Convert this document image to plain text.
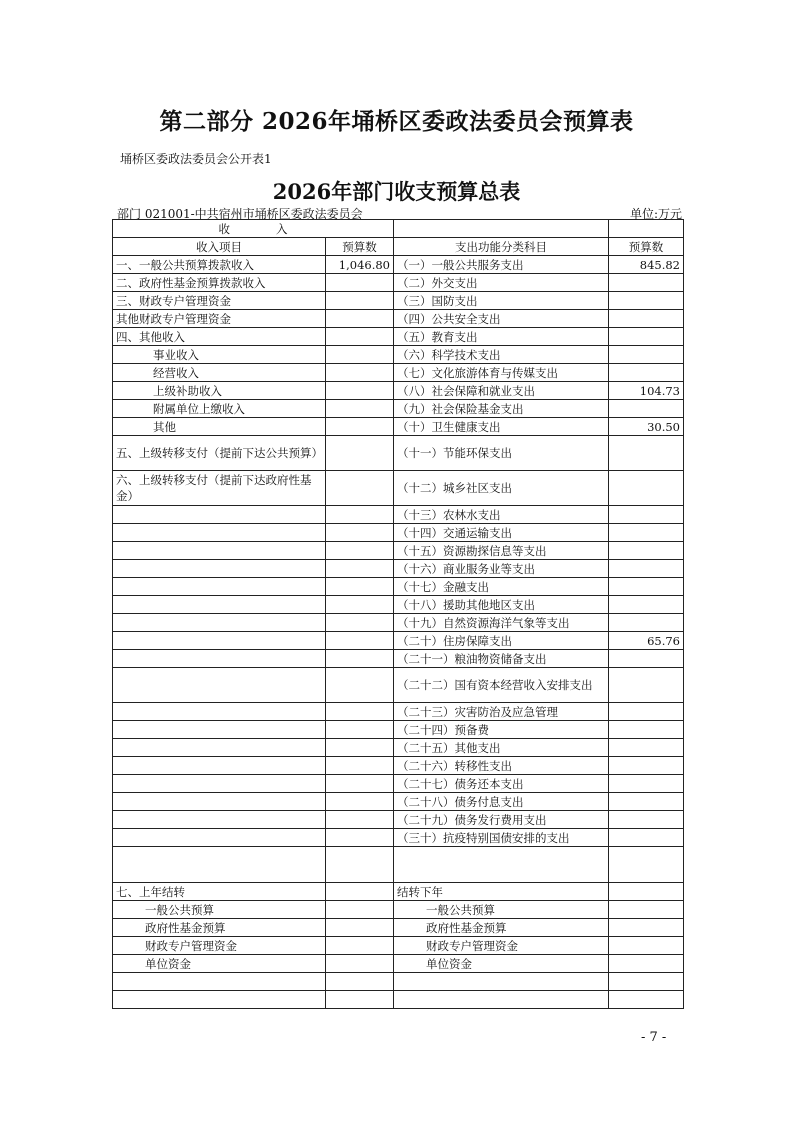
第二部分 2026年埇桥区委政法委员会预算表
埇桥区委政法委员会公开表1
2026年部门收支预算总表
部门 021001-中共宿州市埇桥区委政法委员会	单位:万元
收　　　　入			
收入项目	预算数	支出功能分类科目	预算数
一、一般公共预算拨款收入	1,046.80	（一）一般公共服务支出	845.82
二、政府性基金预算拨款收入		（二）外交支出	
三、财政专户管理资金		（三）国防支出	
其他财政专户管理资金		（四）公共安全支出	
四、其他收入		（五）教育支出	
事业收入		（六）科学技术支出	
经营收入		（七）文化旅游体育与传媒支出	
上级补助收入		（八）社会保障和就业支出	104.73
附属单位上缴收入		（九）社会保险基金支出	
其他		（十）卫生健康支出	30.50
五、上级转移支付（提前下达公共预算）		（十一）节能环保支出	
六、上级转移支付（提前下达政府性基金）		（十二）城乡社区支出	
		（十三）农林水支出	
		（十四）交通运输支出	
		（十五）资源勘探信息等支出	
		（十六）商业服务业等支出	
		（十七）金融支出	
		（十八）援助其他地区支出	
		（十九）自然资源海洋气象等支出	
		（二十）住房保障支出	65.76
		（二十一）粮油物资储备支出	
		（二十二）国有资本经营收入安排支出	
		（二十三）灾害防治及应急管理	
		（二十四）预备费	
		（二十五）其他支出	
		（二十六）转移性支出	
		（二十七）债务还本支出	
		（二十八）债务付息支出	
		（二十九）债务发行费用支出	
		（三十）抗疫特别国债安排的支出	

七、上年结转		结转下年	
一般公共预算		一般公共预算	
政府性基金预算		政府性基金预算	
财政专户管理资金		财政专户管理资金	
单位资金		单位资金	

- 7 -
